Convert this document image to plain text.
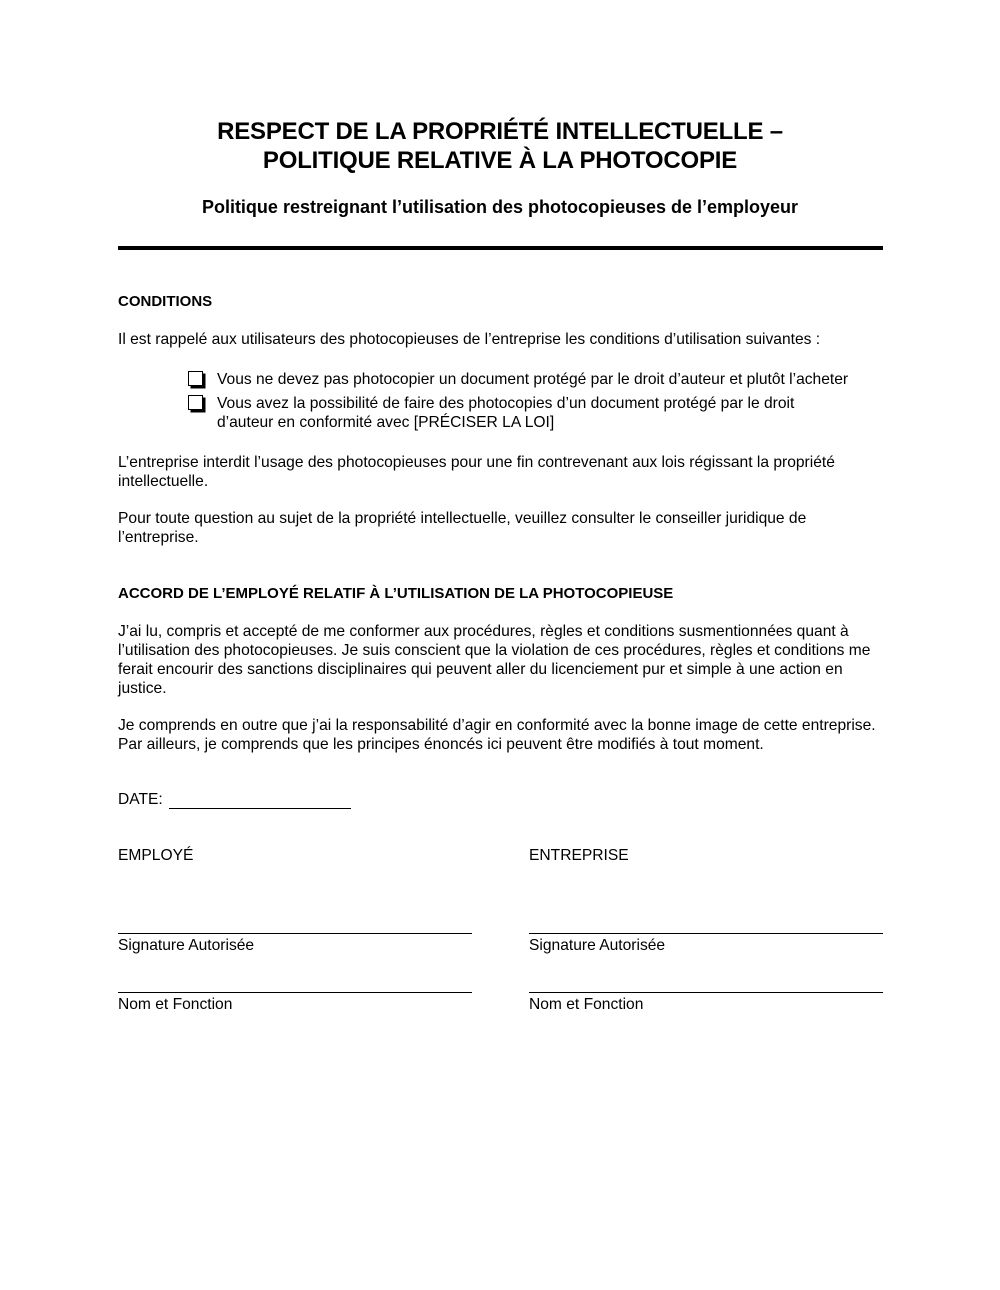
RESPECT DE LA PROPRIÉTÉ INTELLECTUELLE –
POLITIQUE RELATIVE À LA PHOTOCOPIE
Politique restreignant l’utilisation des photocopieuses de l’employeur
CONDITIONS
Il est rappelé aux utilisateurs des photocopieuses de l’entreprise les conditions d’utilisation suivantes :
Vous ne devez pas photocopier un document protégé par le droit d’auteur et plutôt l’acheter
Vous avez la possibilité de faire des photocopies d’un document protégé par le droit d’auteur en conformité avec [PRÉCISER LA LOI]
L’entreprise interdit l’usage des photocopieuses pour une fin contrevenant aux lois régissant la propriété intellectuelle.
Pour toute question au sujet de la propriété intellectuelle, veuillez consulter le conseiller juridique de l’entreprise.
ACCORD DE L’EMPLOYÉ RELATIF À L’UTILISATION DE LA PHOTOCOPIEUSE
J’ai lu, compris et accepté de me conformer aux procédures, règles et conditions susmentionnées quant à l’utilisation des photocopieuses. Je suis conscient que la violation de ces procédures, règles et conditions me ferait encourir des sanctions disciplinaires qui peuvent aller du licenciement pur et simple à une action en justice.
Je comprends en outre que j’ai la responsabilité d’agir en conformité avec la bonne image de cette entreprise.  Par ailleurs, je comprends que les principes énoncés ici peuvent être modifiés à tout moment.
DATE:
EMPLOYÉ
Signature Autorisée
Nom et Fonction
ENTREPRISE
Signature Autorisée
Nom et Fonction
